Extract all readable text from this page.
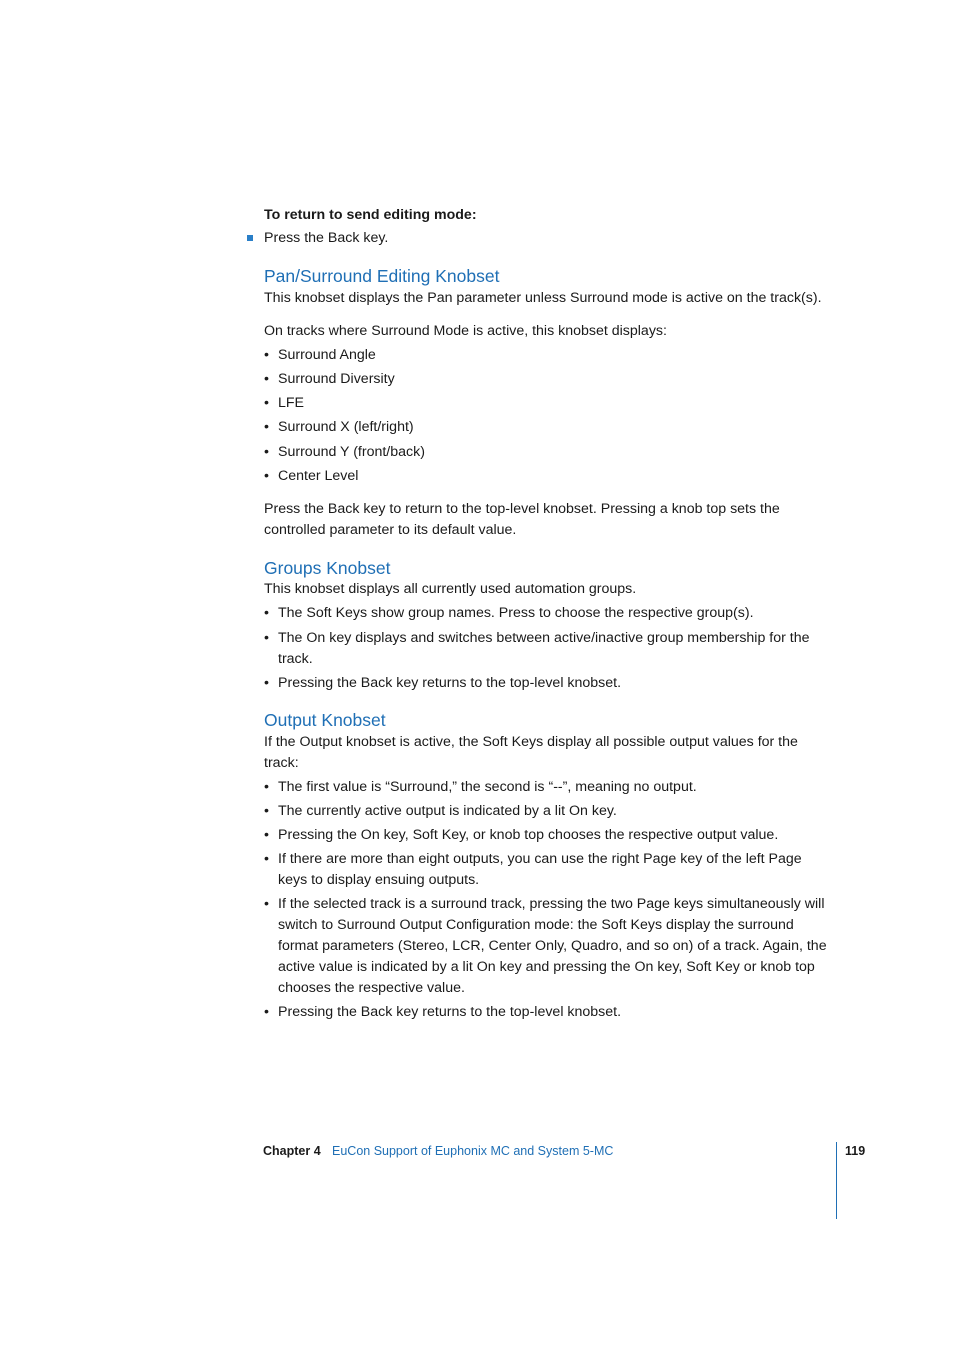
To return to send editing mode:
Press the Back key.
Pan/Surround Editing Knobset

This knobset displays the Pan parameter unless Surround mode is active on the track(s).

On tracks where Surround Mode is active, this knobset displays:

• Surround Angle
• Surround Diversity
• LFE
• Surround X (left/right)
• Surround Y (front/back)
• Center Level

Press the Back key to return to the top-level knobset. Pressing a knob top sets the controlled parameter to its default value.

Groups Knobset

This knobset displays all currently used automation groups.

• The Soft Keys show group names. Press to choose the respective group(s).
• The On key displays and switches between active/inactive group membership for the track.
• Pressing the Back key returns to the top-level knobset.
Output Knobset

If the Output knobset is active, the Soft Keys display all possible output values for the track:

• The first value is “Surround,” the second is “--”, meaning no output.
• The currently active output is indicated by a lit On key.
• Pressing the On key, Soft Key, or knob top chooses the respective output value.
• If there are more than eight outputs, you can use the right Page key of the left Page keys to display ensuing outputs.
• If the selected track is a surround track, pressing the two Page keys simultaneously will switch to Surround Output Configuration mode: the Soft Keys display the surround format parameters (Stereo, LCR, Center Only, Quadro, and so on) of a track. Again, the active value is indicated by a lit On key and pressing the On key, Soft Key or knob top chooses the respective value.
• Pressing the Back key returns to the top-level knobset.
Chapter 4 EuCon Support of Euphonix MC and System 5-MC	119
